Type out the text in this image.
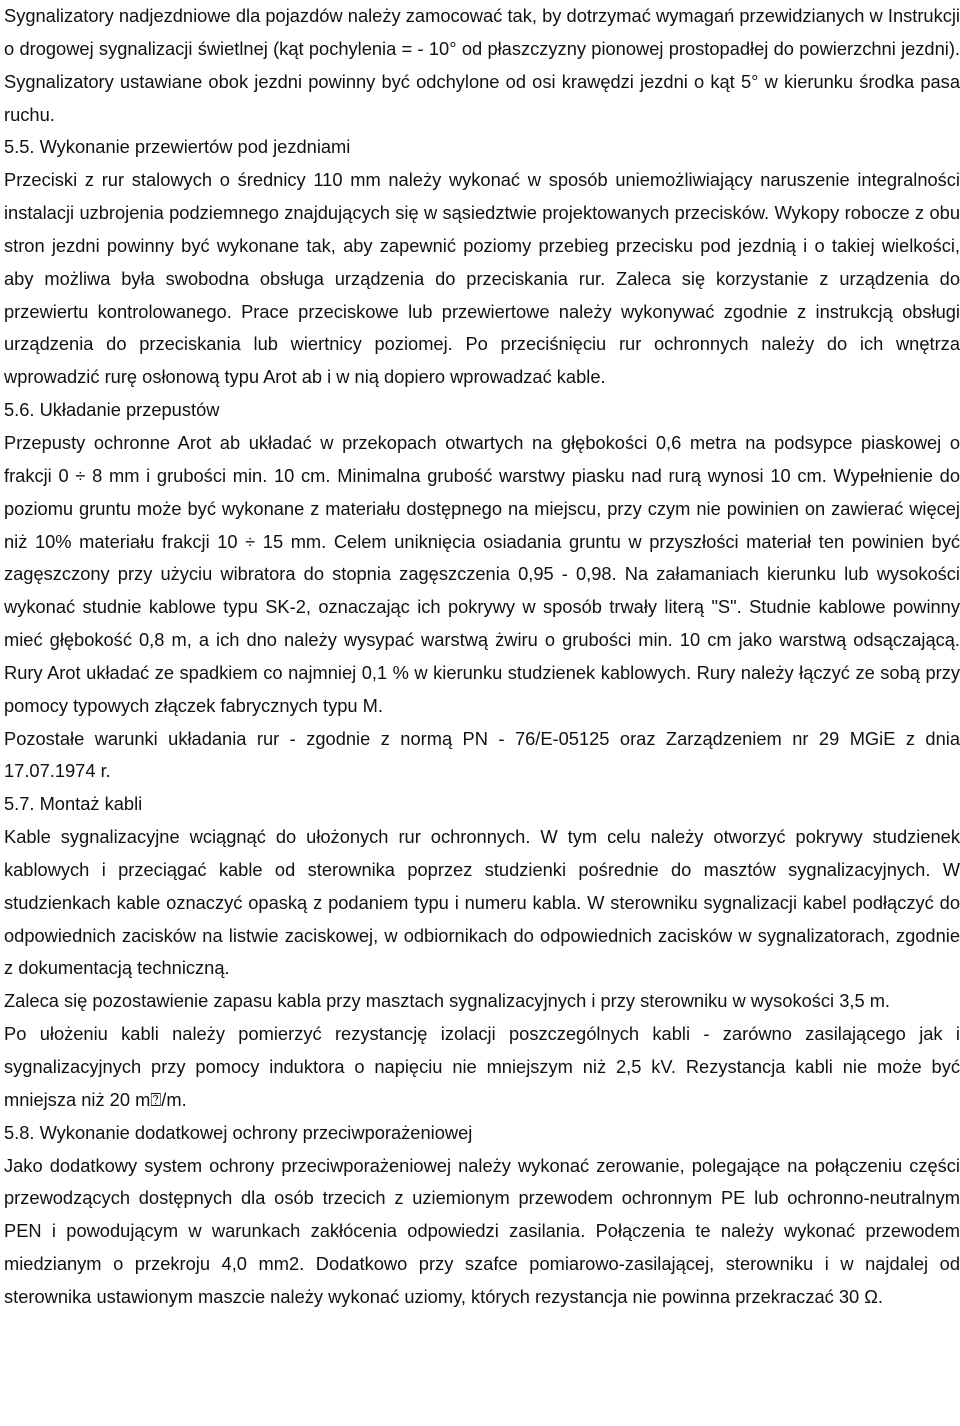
Sygnalizatory nadjezdniowe dla pojazdów należy zamocować tak, by dotrzymać wymagań przewidzianych w Instrukcji o drogowej sygnalizacji świetlnej (kąt pochylenia = - 10° od płaszczyzny pionowej prostopadłej do powierzchni jezdni). Sygnalizatory ustawiane obok jezdni powinny być odchylone od osi krawędzi jezdni o kąt 5° w kierunku środka pasa ruchu.

5.5. Wykonanie przewiertów pod jezdniami

Przeciski z rur stalowych o średnicy 110 mm należy wykonać w sposób uniemożliwiający naruszenie integralności instalacji uzbrojenia podziemnego znajdujących się w sąsiedztwie projektowanych przecisków. Wykopy robocze z obu stron jezdni powinny być wykonane tak, aby zapewnić poziomy przebieg przecisku pod jezdnią i o takiej wielkości, aby możliwa była swobodna obsługa urządzenia do przeciskania rur. Zaleca się korzystanie z urządzenia do przewiertu kontrolowanego. Prace przeciskowe lub przewiertowe należy wykonywać zgodnie z instrukcją obsługi urządzenia do przeciskania lub wiertnicy poziomej. Po przeciśnięciu rur ochronnych należy do ich wnętrza wprowadzić rurę osłonową typu Arot ab i w nią dopiero wprowadzać kable.

5.6. Układanie przepustów

Przepusty ochronne Arot ab układać w przekopach otwartych na głębokości 0,6 metra na podsypce piaskowej o frakcji 0 ÷ 8 mm i grubości min. 10 cm. Minimalna grubość warstwy piasku nad rurą wynosi 10 cm. Wypełnienie do poziomu gruntu może być wykonane z materiału dostępnego na miejscu, przy czym nie powinien on zawierać więcej niż 10% materiału frakcji 10 ÷ 15 mm. Celem uniknięcia osiadania gruntu w przyszłości materiał ten powinien być zagęszczony przy użyciu wibratora do stopnia zagęszczenia 0,95 - 0,98. Na załamaniach kierunku lub wysokości wykonać studnie kablowe typu SK-2, oznaczając ich pokrywy w sposób trwały literą "S". Studnie kablowe powinny mieć głębokość 0,8 m, a ich dno należy wysypać warstwą żwiru o grubości min. 10 cm jako warstwą odsączającą. Rury Arot układać ze spadkiem co najmniej 0,1 % w kierunku studzienek kablowych. Rury należy łączyć ze sobą przy pomocy typowych złączek fabrycznych typu M.

Pozostałe warunki układania rur - zgodnie z normą PN - 76/E-05125 oraz Zarządzeniem nr 29 MGiE z dnia 17.07.1974 r.

5.7. Montaż kabli

Kable sygnalizacyjne wciągnąć do ułożonych rur ochronnych. W tym celu należy otworzyć pokrywy studzienek kablowych i przeciągać kable od sterownika poprzez studzienki pośrednie do masztów sygnalizacyjnych. W studzienkach kable oznaczyć opaską z podaniem typu i numeru kabla. W sterowniku sygnalizacji kabel podłączyć do odpowiednich zacisków na listwie zaciskowej, w odbiornikach do odpowiednich zacisków w sygnalizatorach, zgodnie z dokumentacją techniczną.

Zaleca się pozostawienie zapasu kabla przy masztach sygnalizacyjnych i przy sterowniku w wysokości 3,5 m.

Po ułożeniu kabli należy pomierzyć rezystancję izolacji poszczególnych kabli - zarówno zasilającego jak i sygnalizacyjnych przy pomocy induktora o napięciu nie mniejszym niż 2,5 kV. Rezystancja kabli nie może być mniejsza niż 20 m⍰/m.

5.8. Wykonanie dodatkowej ochrony przeciwporażeniowej

Jako dodatkowy system ochrony przeciwporażeniowej należy wykonać zerowanie, polegające na połączeniu części przewodzących dostępnych dla osób trzecich z uziemionym przewodem ochronnym PE lub ochronno-neutralnym PEN i powodującym w warunkach zakłócenia odpowiedzi zasilania. Połączenia te należy wykonać przewodem miedzianym o przekroju 4,0 mm2. Dodatkowo przy szafce pomiarowo-zasilającej, sterowniku i w najdalej od sterownika ustawionym maszcie należy wykonać uziomy, których rezystancja nie powinna przekraczać 30 Ω.
